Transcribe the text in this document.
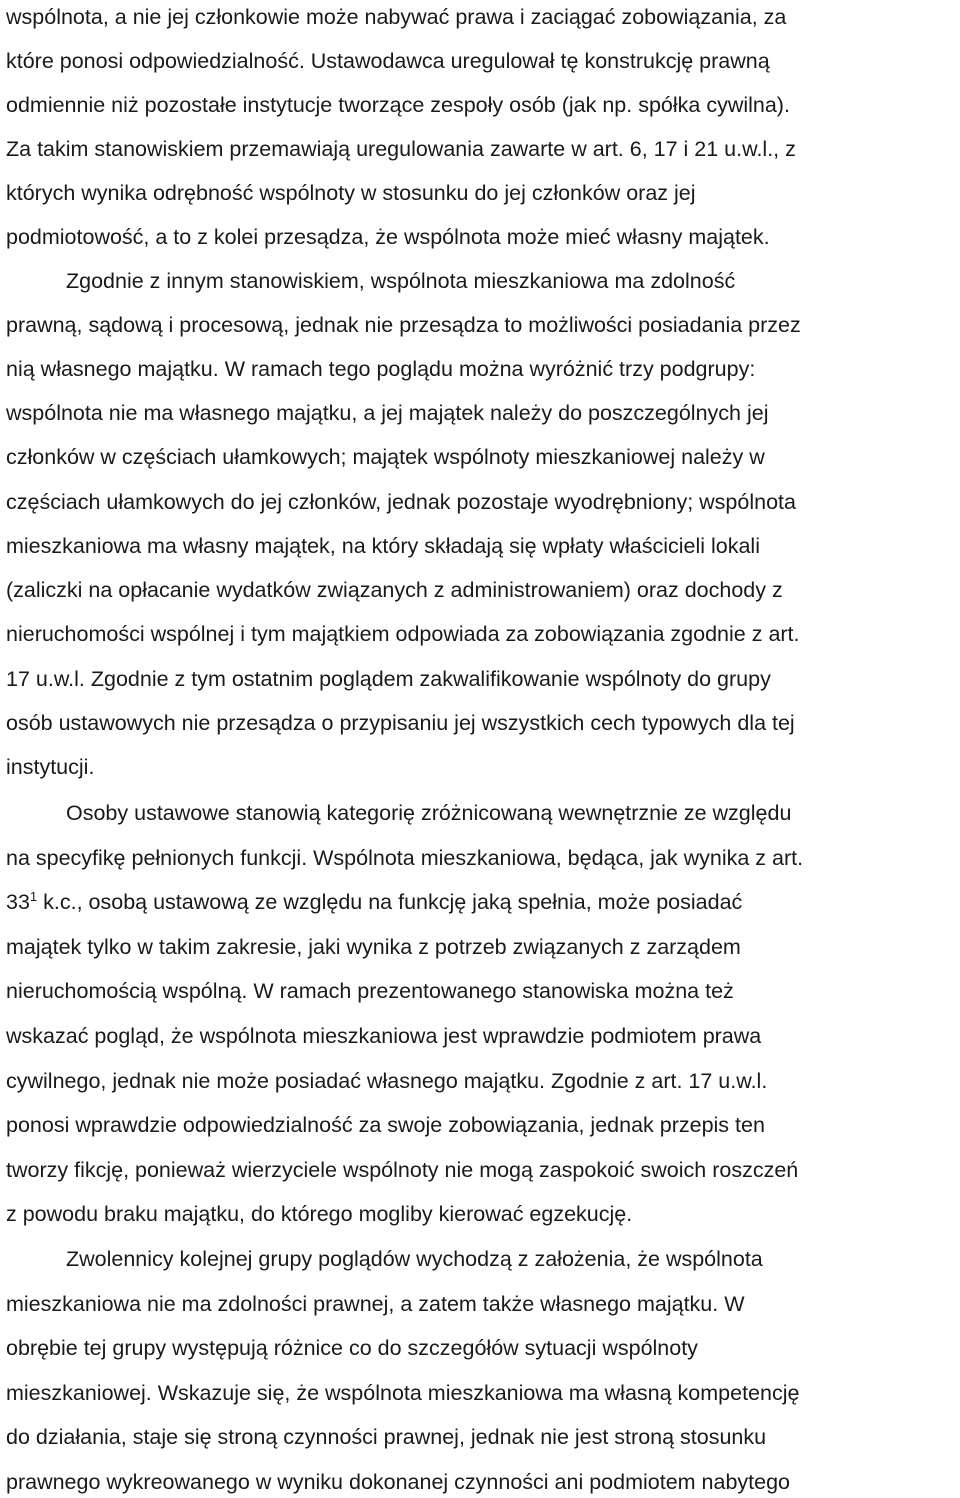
wspólnota, a nie jej członkowie może nabywać prawa i zaciągać zobowiązania, za
które ponosi odpowiedzialność. Ustawodawca uregulował tę konstrukcję prawną
odmiennie niż pozostałe instytucje tworzące zespoły osób (jak np. spółka cywilna).
Za takim stanowiskiem przemawiają uregulowania zawarte w art. 6, 17 i 21 u.w.l., z
których wynika odrębność wspólnoty w stosunku do jej członków oraz jej
podmiotowość, a to z kolei przesądza, że wspólnota może mieć własny majątek.
Zgodnie z innym stanowiskiem, wspólnota mieszkaniowa ma zdolność
prawną, sądową i procesową, jednak nie przesądza to możliwości posiadania przez
nią własnego majątku. W ramach tego poglądu można wyróżnić trzy podgrupy:
wspólnota nie ma własnego majątku, a jej majątek należy do poszczególnych jej
członków w częściach ułamkowych; majątek wspólnoty mieszkaniowej należy w
częściach ułamkowych do jej członków, jednak pozostaje wyodrębniony; wspólnota
mieszkaniowa ma własny majątek, na który składają się wpłaty właścicieli lokali
(zaliczki na opłacanie wydatków związanych z administrowaniem) oraz dochody z
nieruchomości wspólnej i tym majątkiem odpowiada za zobowiązania zgodnie z art.
17 u.w.l. Zgodnie z tym ostatnim poglądem zakwalifikowanie wspólnoty do grupy
osób ustawowych nie przesądza o przypisaniu jej wszystkich cech typowych dla tej
instytucji.
Osoby ustawowe stanowią kategorię zróżnicowaną wewnętrznie ze względu
na specyfikę pełnionych funkcji. Wspólnota mieszkaniowa, będąca, jak wynika z art.
$33^1$ k.c., osobą ustawową ze względu na funkcję jaką spełnia, może posiadać
majątek tylko w takim zakresie, jaki wynika z potrzeb związanych z zarządem
nieruchomością wspólną. W ramach prezentowanego stanowiska można też
wskazać pogląd, że wspólnota mieszkaniowa jest wprawdzie podmiotem prawa
cywilnego, jednak nie może posiadać własnego majątku. Zgodnie z art. 17 u.w.l.
ponosi wprawdzie odpowiedzialność za swoje zobowiązania, jednak przepis ten
tworzy fikcję, ponieważ wierzyciele wspólnoty nie mogą zaspokoić swoich roszczeń
z powodu braku majątku, do którego mogliby kierować egzekucję.
Zwolennicy kolejnej grupy poglądów wychodzą z założenia, że wspólnota
mieszkaniowa nie ma zdolności prawnej, a zatem także własnego majątku. W
obrębie tej grupy występują różnice co do szczegółów sytuacji wspólnoty
mieszkaniowej. Wskazuje się, że wspólnota mieszkaniowa ma własną kompetencję
do działania, staje się stroną czynności prawnej, jednak nie jest stroną stosunku
prawnego wykreowanego w wyniku dokonanej czynności ani podmiotem nabytego
